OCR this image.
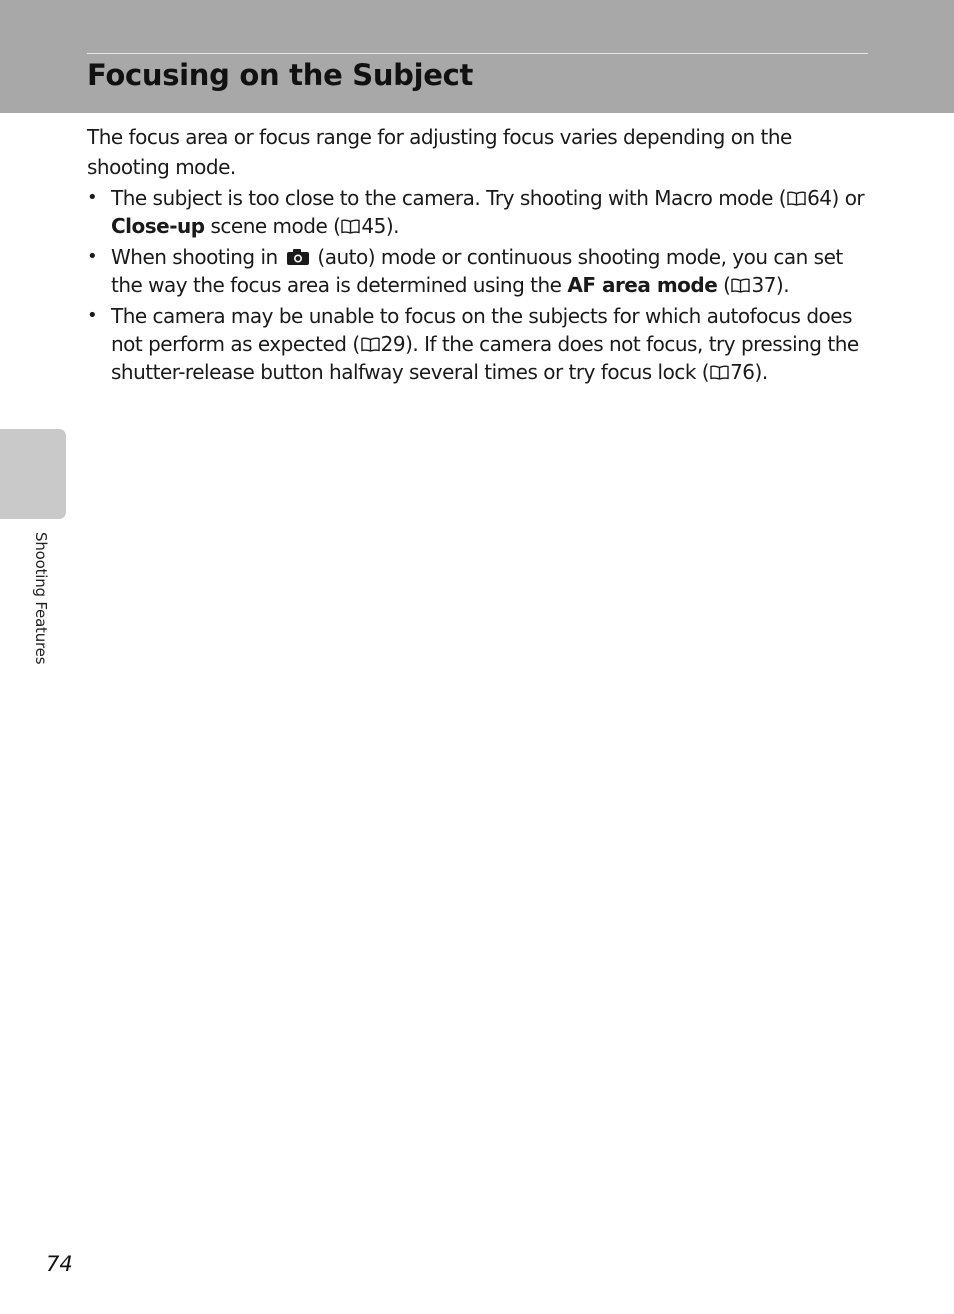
Focusing on the Subject

The focus area or focus range for adjusting focus varies depending on the shooting mode.

• The subject is too close to the camera. Try shooting with Macro mode ( 64) or Close-up scene mode ( 45).
• When shooting in  (auto) mode or continuous shooting mode, you can set the way the focus area is determined using the AF area mode ( 37).
• The camera may be unable to focus on the subjects for which autofocus does not perform as expected ( 29). If the camera does not focus, try pressing the shutter-release button halfway several times or try focus lock ( 76).
Shooting Features
74
